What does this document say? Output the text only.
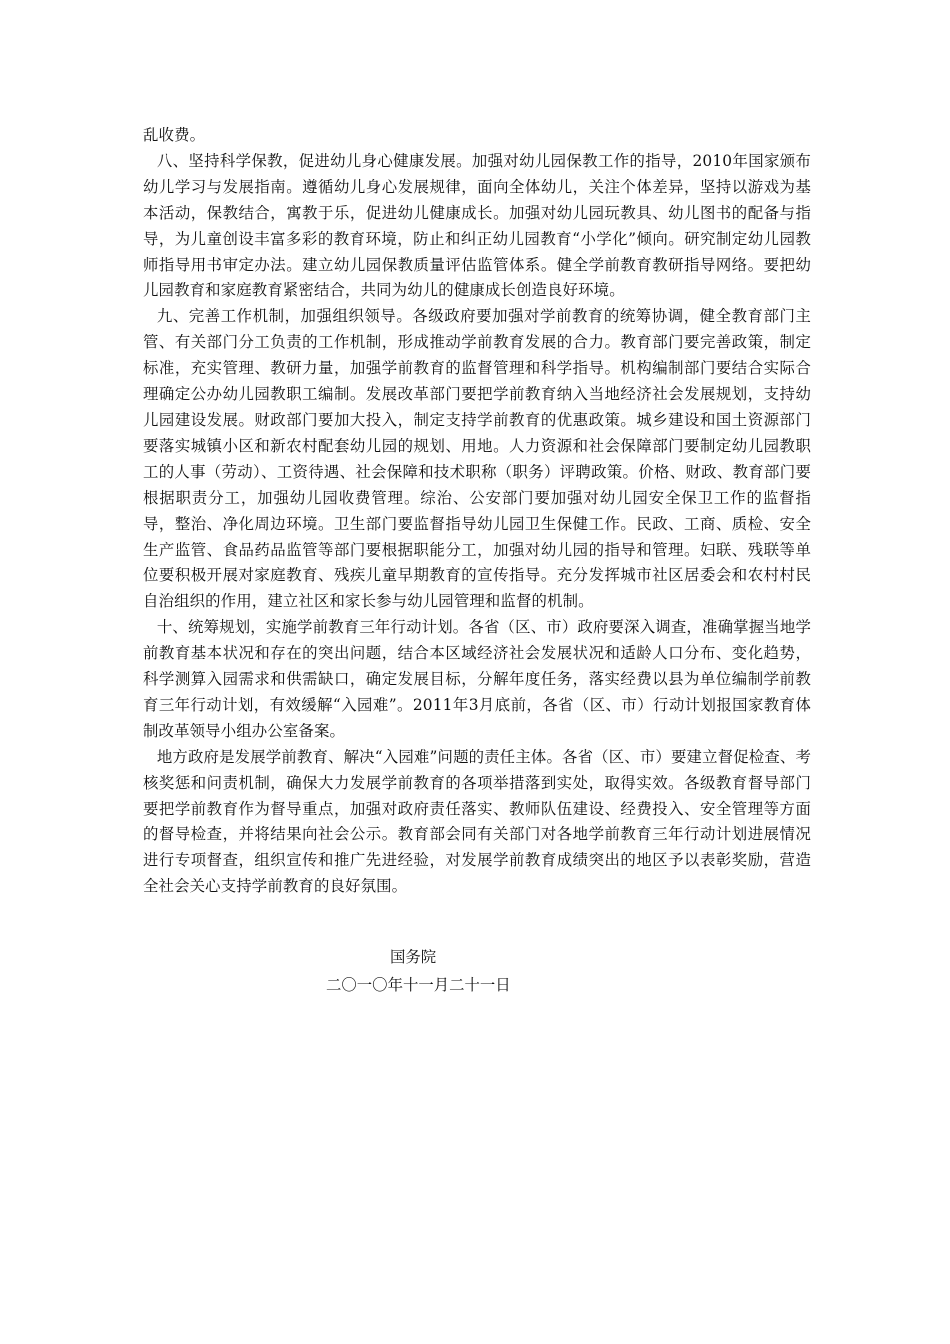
乱收费。

八、坚持科学保教，促进幼儿身心健康发展。加强对幼儿园保教工作的指导，2010年国家颁布幼儿学习与发展指南。遵循幼儿身心发展规律，面向全体幼儿，关注个体差异，坚持以游戏为基本活动，保教结合，寓教于乐，促进幼儿健康成长。加强对幼儿园玩教具、幼儿图书的配备与指导，为儿童创设丰富多彩的教育环境，防止和纠正幼儿园教育“小学化”倾向。研究制定幼儿园教师指导用书审定办法。建立幼儿园保教质量评估监管体系。健全学前教育教研指导网络。要把幼儿园教育和家庭教育紧密结合，共同为幼儿的健康成长创造良好环境。

九、完善工作机制，加强组织领导。各级政府要加强对学前教育的统筹协调，健全教育部门主管、有关部门分工负责的工作机制，形成推动学前教育发展的合力。教育部门要完善政策，制定标准，充实管理、教研力量，加强学前教育的监督管理和科学指导。机构编制部门要结合实际合理确定公办幼儿园教职工编制。发展改革部门要把学前教育纳入当地经济社会发展规划，支持幼儿园建设发展。财政部门要加大投入，制定支持学前教育的优惠政策。城乡建设和国土资源部门要落实城镇小区和新农村配套幼儿园的规划、用地。人力资源和社会保障部门要制定幼儿园教职工的人事（劳动）、工资待遇、社会保障和技术职称（职务）评聘政策。价格、财政、教育部门要根据职责分工，加强幼儿园收费管理。综治、公安部门要加强对幼儿园安全保卫工作的监督指导，整治、净化周边环境。卫生部门要监督指导幼儿园卫生保健工作。民政、工商、质检、安全生产监管、食品药品监管等部门要根据职能分工，加强对幼儿园的指导和管理。妇联、残联等单位要积极开展对家庭教育、残疾儿童早期教育的宣传指导。充分发挥城市社区居委会和农村村民自治组织的作用，建立社区和家长参与幼儿园管理和监督的机制。

十、统筹规划，实施学前教育三年行动计划。各省（区、市）政府要深入调查，准确掌握当地学前教育基本状况和存在的突出问题，结合本区域经济社会发展状况和适龄人口分布、变化趋势，科学测算入园需求和供需缺口，确定发展目标，分解年度任务，落实经费以县为单位编制学前教育三年行动计划，有效缓解“入园难”。2011年3月底前，各省（区、市）行动计划报国家教育体制改革领导小组办公室备案。

地方政府是发展学前教育、解决“入园难”问题的责任主体。各省（区、市）要建立督促检查、考核奖惩和问责机制，确保大力发展学前教育的各项举措落到实处，取得实效。各级教育督导部门要把学前教育作为督导重点，加强对政府责任落实、教师队伍建设、经费投入、安全管理等方面的督导检查，并将结果向社会公示。教育部会同有关部门对各地学前教育三年行动计划进展情况进行专项督查，组织宣传和推广先进经验，对发展学前教育成绩突出的地区予以表彰奖励，营造全社会关心支持学前教育的良好氛围。

国务院
二〇一〇年十一月二十一日
